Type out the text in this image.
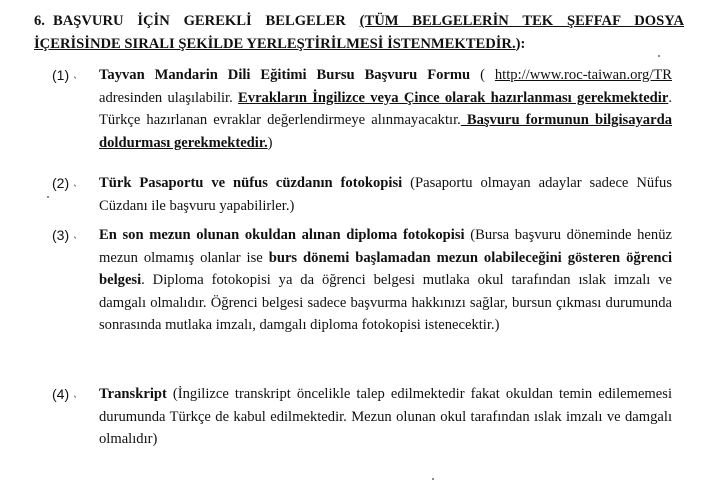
6. BAŞVURU İÇİN GEREKLİ BELGELER (TÜM BELGELERİN TEK ŞEFFAF DOSYA İÇERİSİNDE SIRALI ŞEKİLDE YERLEŞTİRİLMESİ İSTENMEKTEDİR.):
(1) ˴	Tayvan Mandarin Dili Eğitimi Bursu Başvuru Formu ( http://www.roc-taiwan.org/TR adresinden ulaşılabilir. Evrakların İngilizce veya Çince olarak hazırlanması gerekmektedir. Türkçe hazırlanan evraklar değerlendirmeye alınmayacaktır. Başvuru formunun bilgisayarda doldurması gerekmektedir.)

(2) ˴	Türk Pasaportu ve nüfus cüzdanın fotokopisi (Pasaportu olmayan adaylar sadece Nüfus Cüzdanı ile başvuru yapabilirler.)

(3) ˴	En son mezun olunan okuldan alınan diploma fotokopisi (Bursa başvuru döneminde henüz mezun olmamış olanlar ise burs dönemi başlamadan mezun olabileceğini gösteren öğrenci belgesi. Diploma fotokopisi ya da öğrenci belgesi mutlaka okul tarafından ıslak imzalı ve damgalı olmalıdır. Öğrenci belgesi sadece başvurma hakkınızı sağlar, bursun çıkması durumunda sonrasında mutlaka imzalı, damgalı diploma fotokopisi istenecektir.)

(4) ˴	Transkript (İngilizce transkript öncelikle talep edilmektedir fakat okuldan temin edilememesi durumunda Türkçe de kabul edilmektedir. Mezun olunan okul tarafından ıslak imzalı ve damgalı olmalıdır)
